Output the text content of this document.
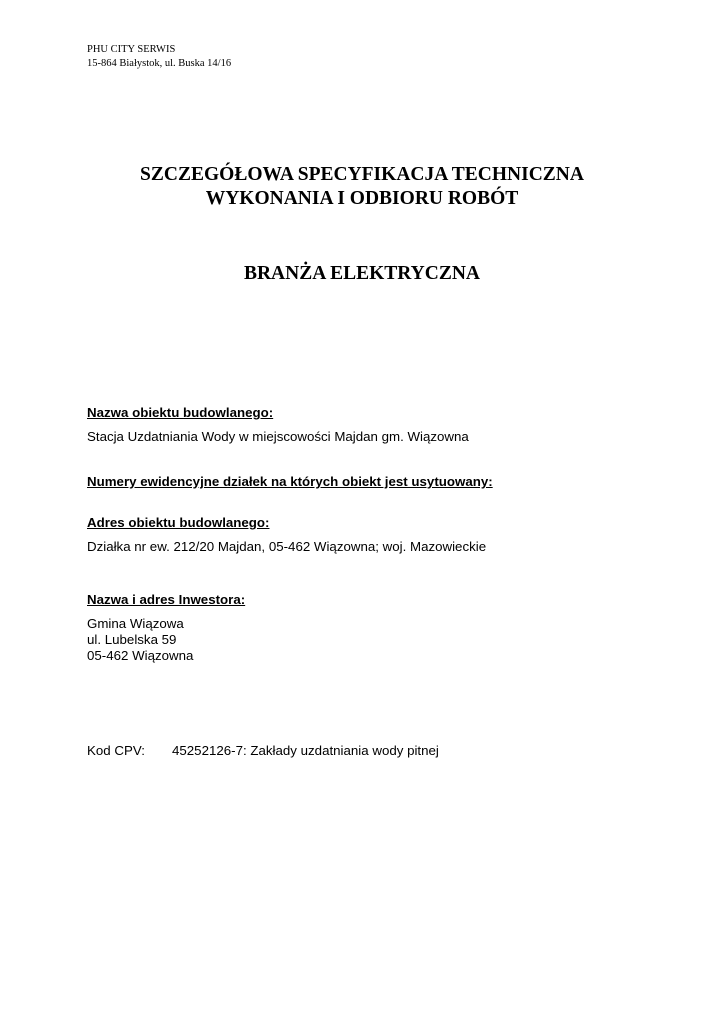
PHU CITY SERWIS
15-864 Białystok, ul. Buska 14/16
SZCZEGÓŁOWA SPECYFIKACJA TECHNICZNA
WYKONANIA I ODBIORU ROBÓT
BRANŻA ELEKTRYCZNA
Nazwa obiektu budowlanego:
Stacja Uzdatniania Wody w miejscowości Majdan gm. Wiązowna
Numery ewidencyjne działek na których obiekt jest usytuowany:
Adres obiektu budowlanego:
Działka nr ew. 212/20 Majdan, 05-462 Wiązowna; woj. Mazowieckie
Nazwa i adres Inwestora:
Gmina Wiązowa
ul. Lubelska 59
05-462 Wiązowna
Kod CPV: 45252126-7: Zakłady uzdatniania wody pitnej
